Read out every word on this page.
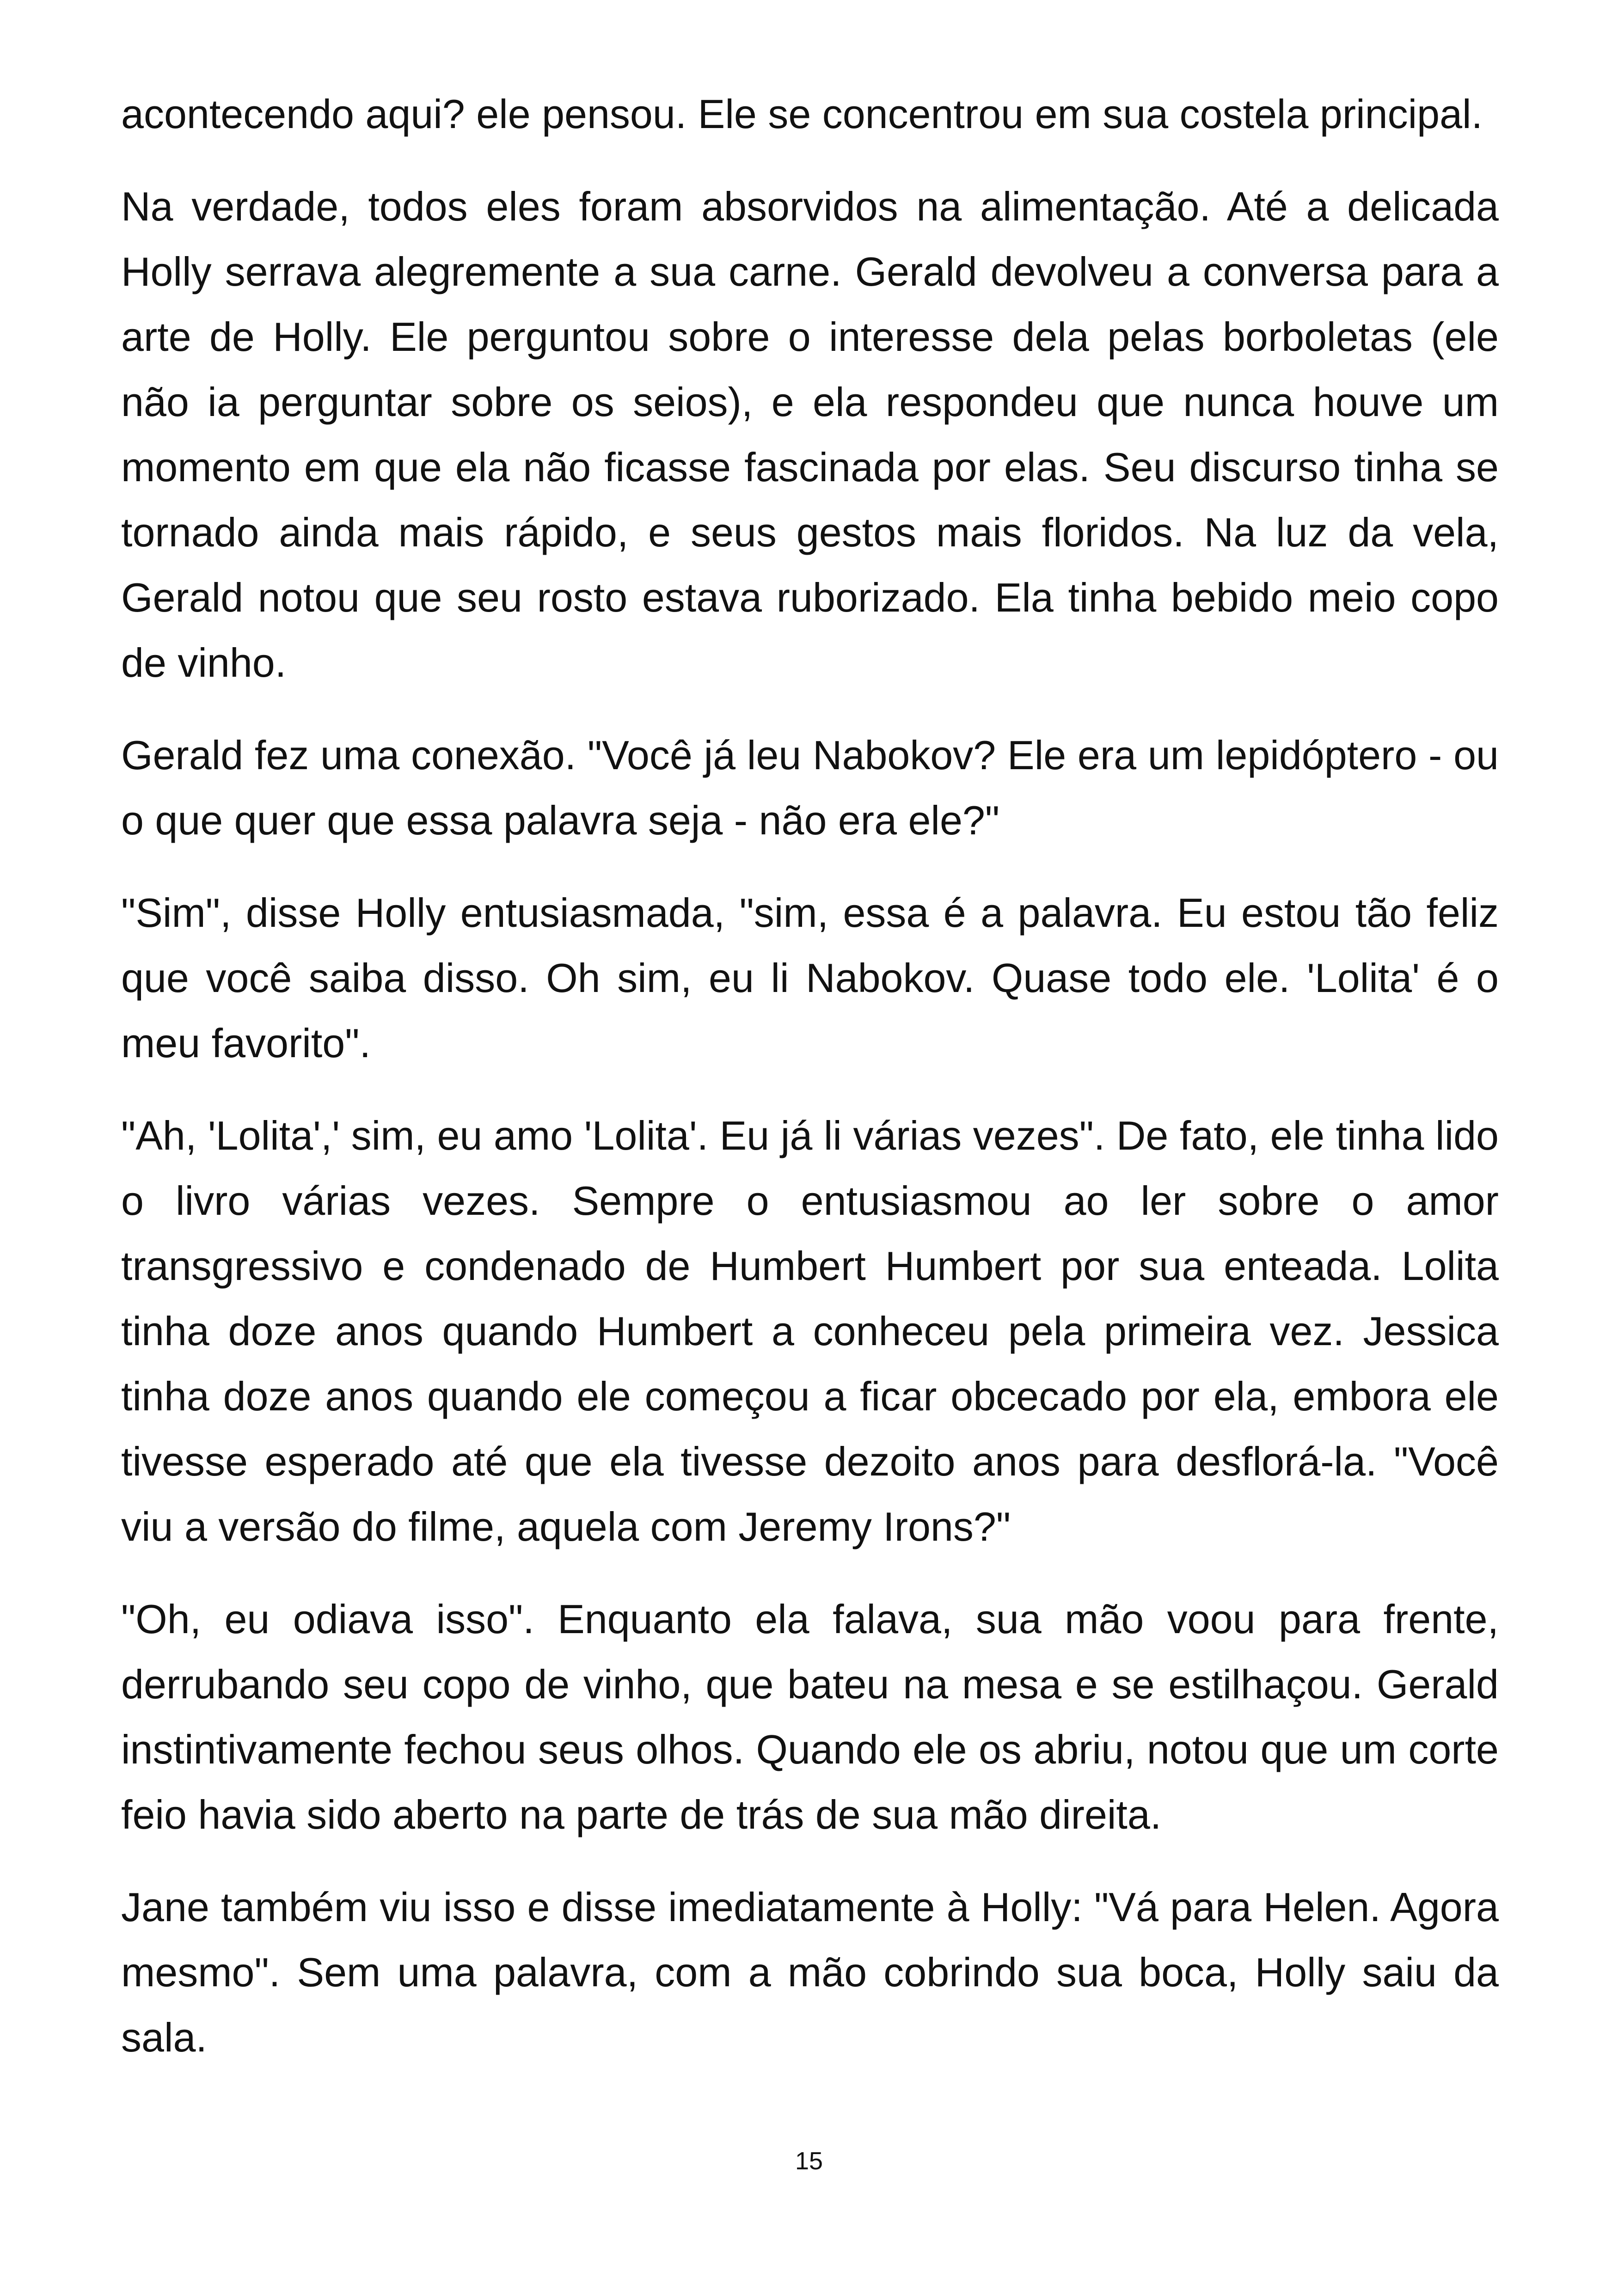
acontecendo aqui? ele pensou. Ele se concentrou em sua costela principal.

Na verdade, todos eles foram absorvidos na alimentação. Até a delicada Holly serrava alegremente a sua carne. Gerald devolveu a conversa para a arte de Holly. Ele perguntou sobre o interesse dela pelas borboletas (ele não ia perguntar sobre os seios), e ela respondeu que nunca houve um momento em que ela não ficasse fascinada por elas. Seu discurso tinha se tornado ainda mais rápido, e seus gestos mais floridos. Na luz da vela, Gerald notou que seu rosto estava ruborizado. Ela tinha bebido meio copo de vinho.

Gerald fez uma conexão. "Você já leu Nabokov? Ele era um lepidóptero - ou o que quer que essa palavra seja - não era ele?"

"Sim", disse Holly entusiasmada, "sim, essa é a palavra. Eu estou tão feliz que você saiba disso. Oh sim, eu li Nabokov. Quase todo ele. 'Lolita' é o meu favorito".

"Ah, 'Lolita',' sim, eu amo 'Lolita'. Eu já li várias vezes". De fato, ele tinha lido o livro várias vezes. Sempre o entusiasmou ao ler sobre o amor transgressivo e condenado de Humbert Humbert por sua enteada. Lolita tinha doze anos quando Humbert a conheceu pela primeira vez. Jessica tinha doze anos quando ele começou a ficar obcecado por ela, embora ele tivesse esperado até que ela tivesse dezoito anos para desflorá-la. "Você viu a versão do filme, aquela com Jeremy Irons?"

"Oh, eu odiava isso". Enquanto ela falava, sua mão voou para frente, derrubando seu copo de vinho, que bateu na mesa e se estilhaçou. Gerald instintivamente fechou seus olhos. Quando ele os abriu, notou que um corte feio havia sido aberto na parte de trás de sua mão direita.

Jane também viu isso e disse imediatamente à Holly: "Vá para Helen. Agora mesmo". Sem uma palavra, com a mão cobrindo sua boca, Holly saiu da sala.

15
